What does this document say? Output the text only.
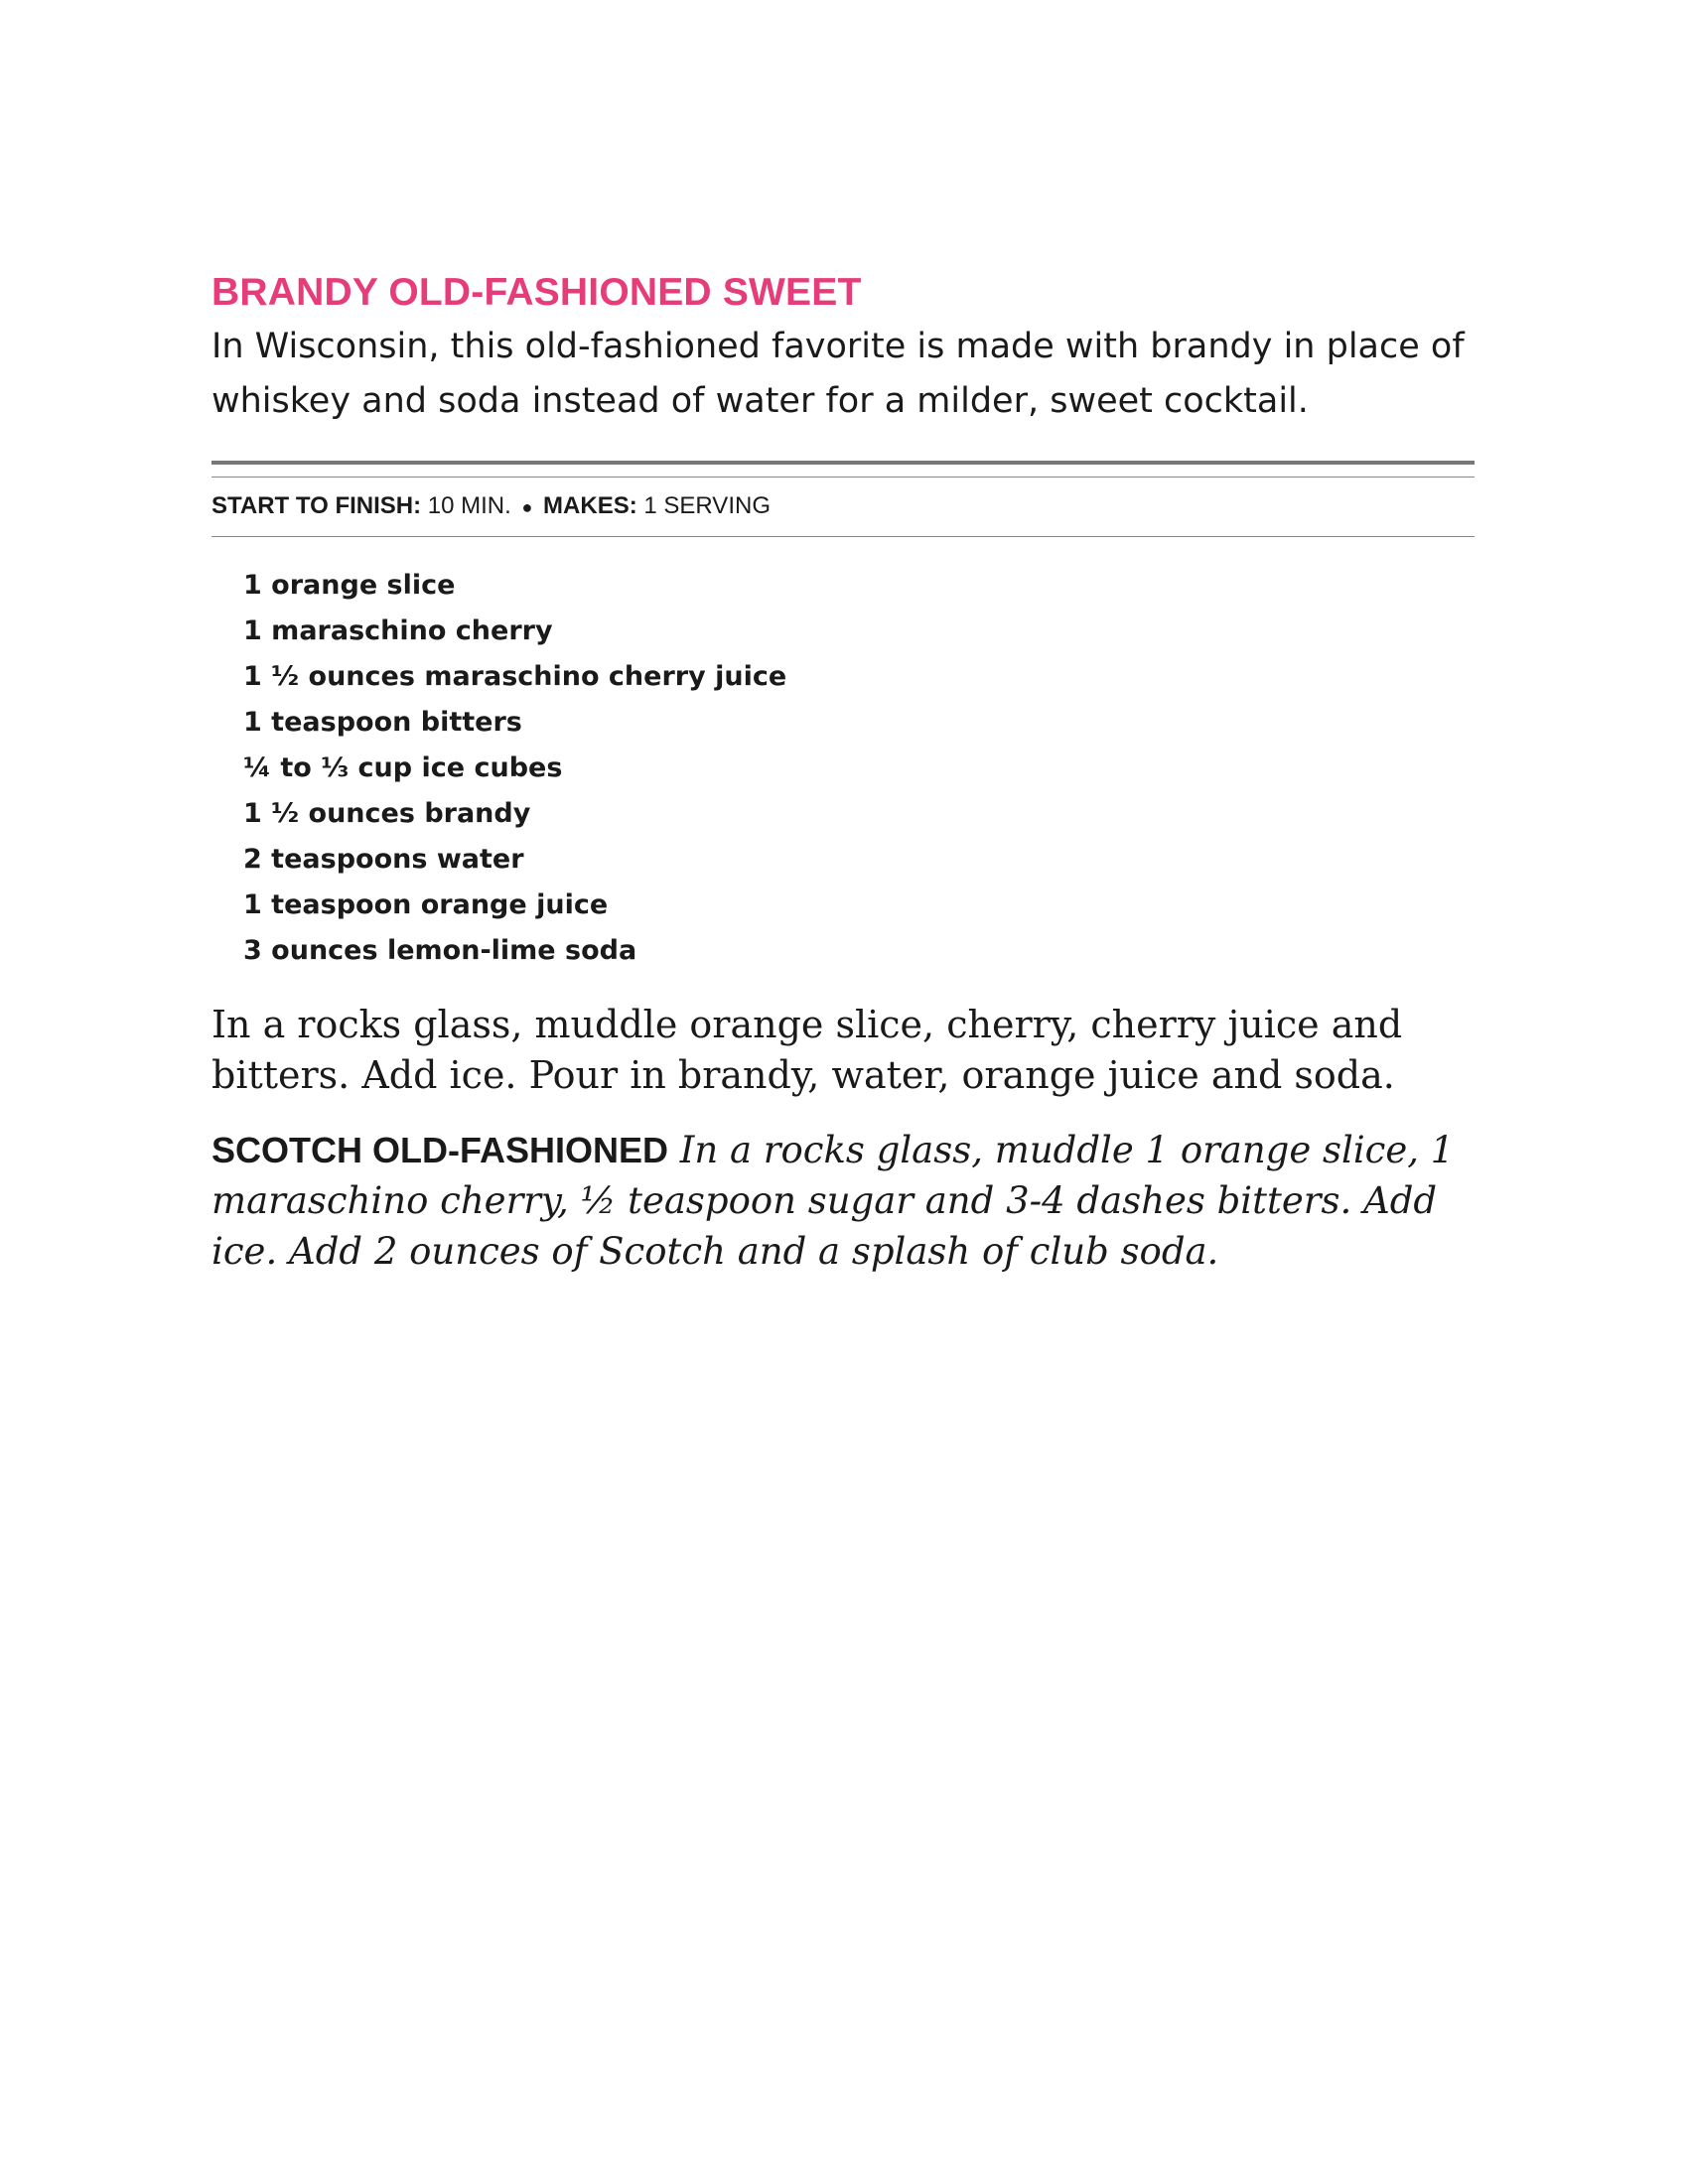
BRANDY OLD-FASHIONED SWEET

In Wisconsin, this old-fashioned favorite is made with brandy in place of whiskey and soda instead of water for a milder, sweet cocktail.

START TO FINISH: 10 MIN. ● MAKES: 1 SERVING
1 orange slice
1 maraschino cherry
1 ½ ounces maraschino cherry juice
1 teaspoon bitters
¼ to ⅓ cup ice cubes
1 ½ ounces brandy
2 teaspoons water
1 teaspoon orange juice
3 ounces lemon-lime soda

In a rocks glass, muddle orange slice, cherry, cherry juice and bitters. Add ice. Pour in brandy, water, orange juice and soda.

SCOTCH OLD-FASHIONED In a rocks glass, muddle 1 orange slice, 1 maraschino cherry, ½ teaspoon sugar and 3-4 dashes bitters. Add ice. Add 2 ounces of Scotch and a splash of club soda.
